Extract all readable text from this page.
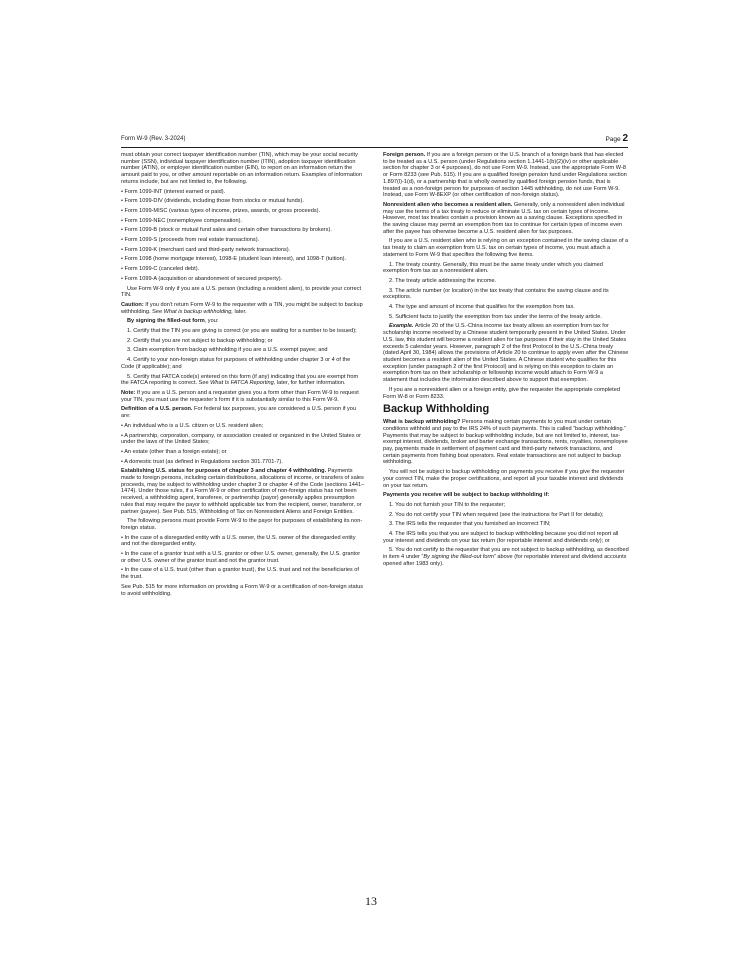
Form W-9 (Rev. 3-2024)	Page 2

must obtain your correct taxpayer identification number (TIN), which may be your social security number (SSN), individual taxpayer identification number (ITIN), adoption taxpayer identification number (ATIN), or employer identification number (EIN), to report on an information return the amount paid to you, or other amount reportable on an information return. Examples of information returns include, but are not limited to, the following.

• Form 1099-INT (interest earned or paid).

• Form 1099-DIV (dividends, including those from stocks or mutual funds).

• Form 1099-MISC (various types of income, prizes, awards, or gross proceeds).

• Form 1099-NEC (nonemployee compensation).

• Form 1099-B (stock or mutual fund sales and certain other transactions by brokers).

• Form 1099-S (proceeds from real estate transactions).

• Form 1099-K (merchant card and third-party network transactions).

• Form 1098 (home mortgage interest), 1098-E (student loan interest), and 1098-T (tuition).

• Form 1099-C (canceled debt).

• Form 1099-A (acquisition or abandonment of secured property).

Use Form W-9 only if you are a U.S. person (including a resident alien), to provide your correct TIN.

Caution: If you don’t return Form W-9 to the requester with a TIN, you might be subject to backup withholding. See What is backup withholding, later.

By signing the filled-out form, you:

1. Certify that the TIN you are giving is correct (or you are waiting for a number to be issued);

2. Certify that you are not subject to backup withholding; or

3. Claim exemption from backup withholding if you are a U.S. exempt payee; and

4. Certify to your non-foreign status for purposes of withholding under chapter 3 or 4 of the Code (if applicable); and

5. Certify that FATCA code(s) entered on this form (if any) indicating that you are exempt from the FATCA reporting is correct. See What Is FATCA Reporting, later, for further information.

Note: If you are a U.S. person and a requester gives you a form other than Form W-9 to request your TIN, you must use the requester’s form if it is substantially similar to this Form W-9.

Definition of a U.S. person. For federal tax purposes, you are considered a U.S. person if you are:

• An individual who is a U.S. citizen or U.S. resident alien;

• A partnership, corporation, company, or association created or organized in the United States or under the laws of the United States;

• An estate (other than a foreign estate); or

• A domestic trust (as defined in Regulations section 301.7701-7).

Establishing U.S. status for purposes of chapter 3 and chapter 4 withholding. Payments made to foreign persons, including certain distributions, allocations of income, or transfers of sales proceeds, may be subject to withholding under chapter 3 or chapter 4 of the Code (sections 1441–1474). Under those rules, if a Form W-9 or other certification of non-foreign status has not been received, a withholding agent, transferee, or partnership (payor) generally applies presumption rules that may require the payor to withhold applicable tax from the recipient, owner, transferor, or partner (payee). See Pub. 515, Withholding of Tax on Nonresident Aliens and Foreign Entities.

The following persons must provide Form W-9 to the payor for purposes of establishing its non-foreign status.

• In the case of a disregarded entity with a U.S. owner, the U.S. owner of the disregarded entity and not the disregarded entity.

• In the case of a grantor trust with a U.S. grantor or other U.S. owner, generally, the U.S. grantor or other U.S. owner of the grantor trust and not the grantor trust.

• In the case of a U.S. trust (other than a grantor trust), the U.S. trust and not the beneficiaries of the trust.

See Pub. 515 for more information on providing a Form W-9 or a certification of non-foreign status to avoid withholding.

Foreign person. If you are a foreign person or the U.S. branch of a foreign bank that has elected to be treated as a U.S. person (under Regulations section 1.1441-1(b)(2)(iv) or other applicable section for chapter 3 or 4 purposes), do not use Form W-9. Instead, use the appropriate Form W-8 or Form 8233 (see Pub. 515). If you are a qualified foreign pension fund under Regulations section 1.897(l)-1(d), or a partnership that is wholly owned by qualified foreign pension funds, that is treated as a non-foreign person for purposes of section 1445 withholding, do not use Form W-9. Instead, use Form W-8EXP (or other certification of non-foreign status).

Nonresident alien who becomes a resident alien. Generally, only a nonresident alien individual may use the terms of a tax treaty to reduce or eliminate U.S. tax on certain types of income. However, most tax treaties contain a provision known as a saving clause. Exceptions specified in the saving clause may permit an exemption from tax to continue for certain types of income even after the payee has otherwise become a U.S. resident alien for tax purposes.

If you are a U.S. resident alien who is relying on an exception contained in the saving clause of a tax treaty to claim an exemption from U.S. tax on certain types of income, you must attach a statement to Form W-9 that specifies the following five items.

1. The treaty country. Generally, this must be the same treaty under which you claimed exemption from tax as a nonresident alien.

2. The treaty article addressing the income.

3. The article number (or location) in the tax treaty that contains the saving clause and its exceptions.

4. The type and amount of income that qualifies for the exemption from tax.

5. Sufficient facts to justify the exemption from tax under the terms of the treaty article.

Example. Article 20 of the U.S.-China income tax treaty allows an exemption from tax for scholarship income received by a Chinese student temporarily present in the United States. Under U.S. law, this student will become a resident alien for tax purposes if their stay in the United States exceeds 5 calendar years. However, paragraph 2 of the first Protocol to the U.S.-China treaty (dated April 30, 1984) allows the provisions of Article 20 to continue to apply even after the Chinese student becomes a resident alien of the United States. A Chinese student who qualifies for this exception (under paragraph 2 of the first Protocol) and is relying on this exception to claim an exemption from tax on their scholarship or fellowship income would attach to Form W-9 a statement that includes the information described above to support that exemption.

If you are a nonresident alien or a foreign entity, give the requester the appropriate completed Form W-8 or Form 8233.

Backup Withholding

What is backup withholding? Persons making certain payments to you must under certain conditions withhold and pay to the IRS 24% of such payments. This is called “backup withholding.” Payments that may be subject to backup withholding include, but are not limited to, interest, tax-exempt interest, dividends, broker and barter exchange transactions, rents, royalties, nonemployee pay, payments made in settlement of payment card and third-party network transactions, and certain payments from fishing boat operators. Real estate transactions are not subject to backup withholding.

You will not be subject to backup withholding on payments you receive if you give the requester your correct TIN, make the proper certifications, and report all your taxable interest and dividends on your tax return.

Payments you receive will be subject to backup withholding if:

1. You do not furnish your TIN to the requester;

2. You do not certify your TIN when required (see the instructions for Part II for details);

3. The IRS tells the requester that you furnished an incorrect TIN;

4. The IRS tells you that you are subject to backup withholding because you did not report all your interest and dividends on your tax return (for reportable interest and dividends only); or

5. You do not certify to the requester that you are not subject to backup withholding, as described in item 4 under “By signing the filled-out form” above (for reportable interest and dividend accounts opened after 1983 only).

13
